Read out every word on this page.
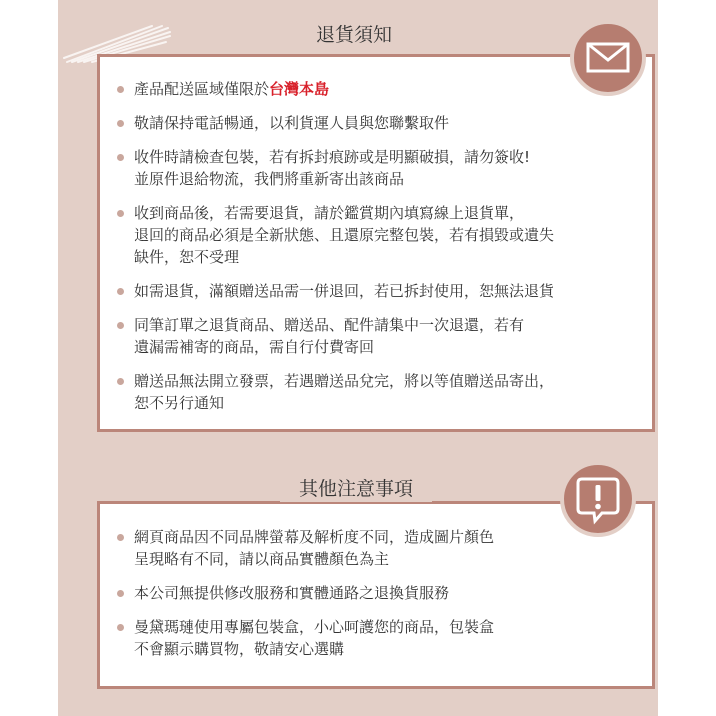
退貨須知
產品配送區域僅限於台灣本島
敬請保持電話暢通，以利貨運人員與您聯繫取件
收件時請檢查包裝，若有拆封痕跡或是明顯破損，請勿簽收!
並原件退給物流，我們將重新寄出該商品
收到商品後，若需要退貨，請於鑑賞期內填寫線上退貨單，
退回的商品必須是全新狀態、且還原完整包裝，若有損毀或遺失
缺件，恕不受理
如需退貨，滿額贈送品需一併退回，若已拆封使用，恕無法退貨
同筆訂單之退貨商品、贈送品、配件請集中一次退還，若有
遺漏需補寄的商品，需自行付費寄回
贈送品無法開立發票，若遇贈送品兌完，將以等值贈送品寄出，
恕不另行通知
其他注意事項
網頁商品因不同品牌螢幕及解析度不同，造成圖片顏色
呈現略有不同，請以商品實體顏色為主
本公司無提供修改服務和實體通路之退換貨服務
曼黛瑪璉使用專屬包裝盒，小心呵護您的商品，包裝盒
不會顯示購買物，敬請安心選購
